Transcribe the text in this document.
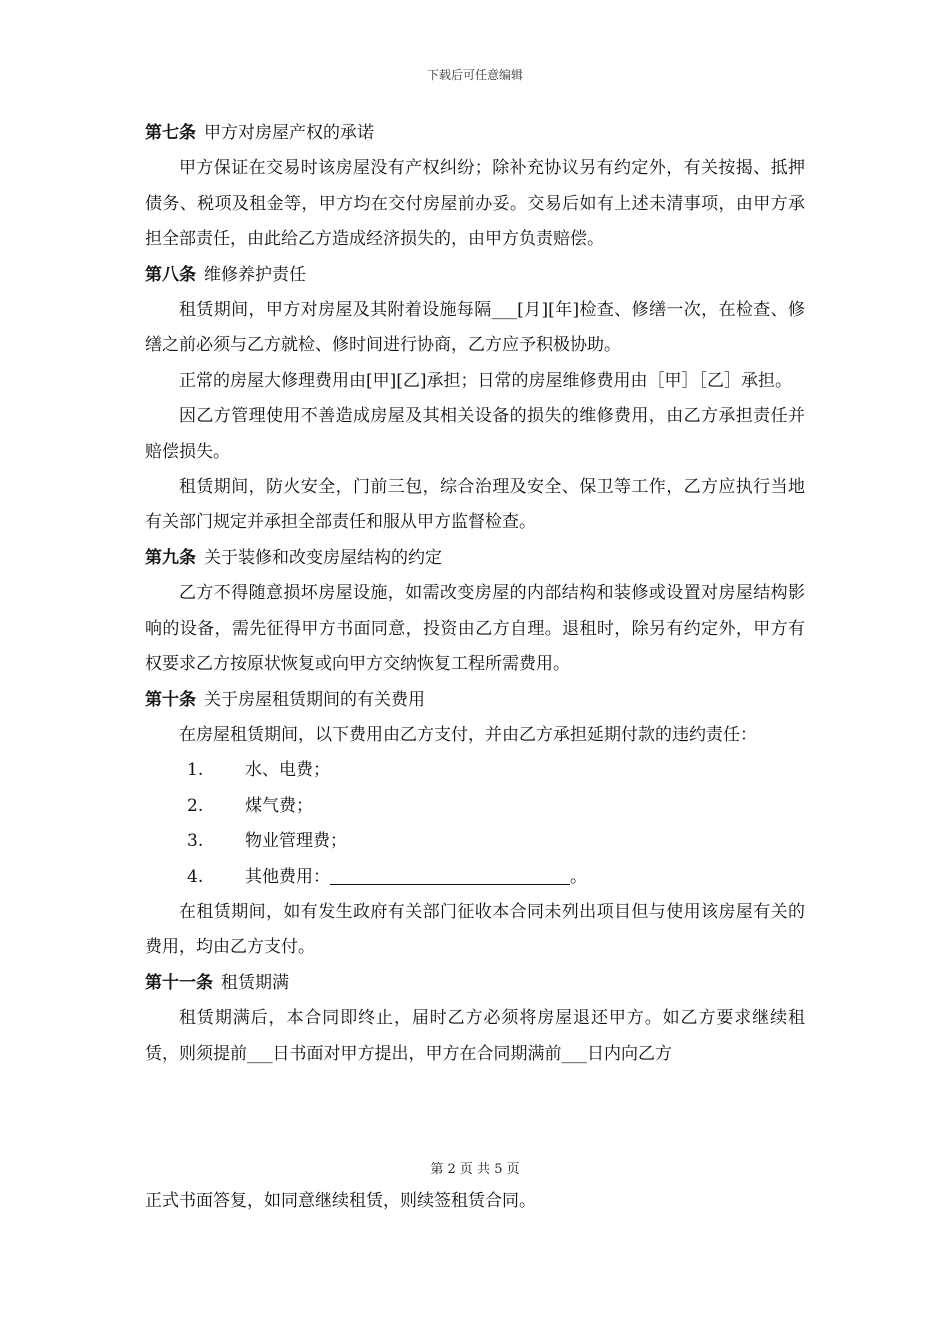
下载后可任意编辑

第七条 甲方对房屋产权的承诺

甲方保证在交易时该房屋没有产权纠纷；除补充协议另有约定外，有关按揭、抵押债务、税项及租金等，甲方均在交付房屋前办妥。交易后如有上述未清事项，由甲方承担全部责任，由此给乙方造成经济损失的，由甲方负责赔偿。

第八条 维修养护责任

租赁期间，甲方对房屋及其附着设施每隔___[月][年]检查、修缮一次，在检查、修缮之前必须与乙方就检、修时间进行协商，乙方应予积极协助。

正常的房屋大修理费用由[甲][乙]承担；日常的房屋维修费用由［甲］［乙］承担。

因乙方管理使用不善造成房屋及其相关设备的损失的维修费用，由乙方承担责任并赔偿损失。

租赁期间，防火安全，门前三包，综合治理及安全、保卫等工作，乙方应执行当地有关部门规定并承担全部责任和服从甲方监督检查。

第九条 关于装修和改变房屋结构的约定

乙方不得随意损坏房屋设施，如需改变房屋的内部结构和装修或设置对房屋结构影响的设备，需先征得甲方书面同意，投资由乙方自理。退租时，除另有约定外，甲方有权要求乙方按原状恢复或向甲方交纳恢复工程所需费用。

第十条 关于房屋租赁期间的有关费用

在房屋租赁期间，以下费用由乙方支付，并由乙方承担延期付款的违约责任：

1. 水、电费；

2. 煤气费；

3. 物业管理费；

4. 其他费用：	。

在租赁期间，如有发生政府有关部门征收本合同未列出项目但与使用该房屋有关的费用，均由乙方支付。

第十一条 租赁期满

租赁期满后，本合同即终止，届时乙方必须将房屋退还甲方。如乙方要求继续租赁，则须提前___日书面对甲方提出，甲方在合同期满前___日内向乙方

第 2 页 共 5 页

正式书面答复，如同意继续租赁，则续签租赁合同。
